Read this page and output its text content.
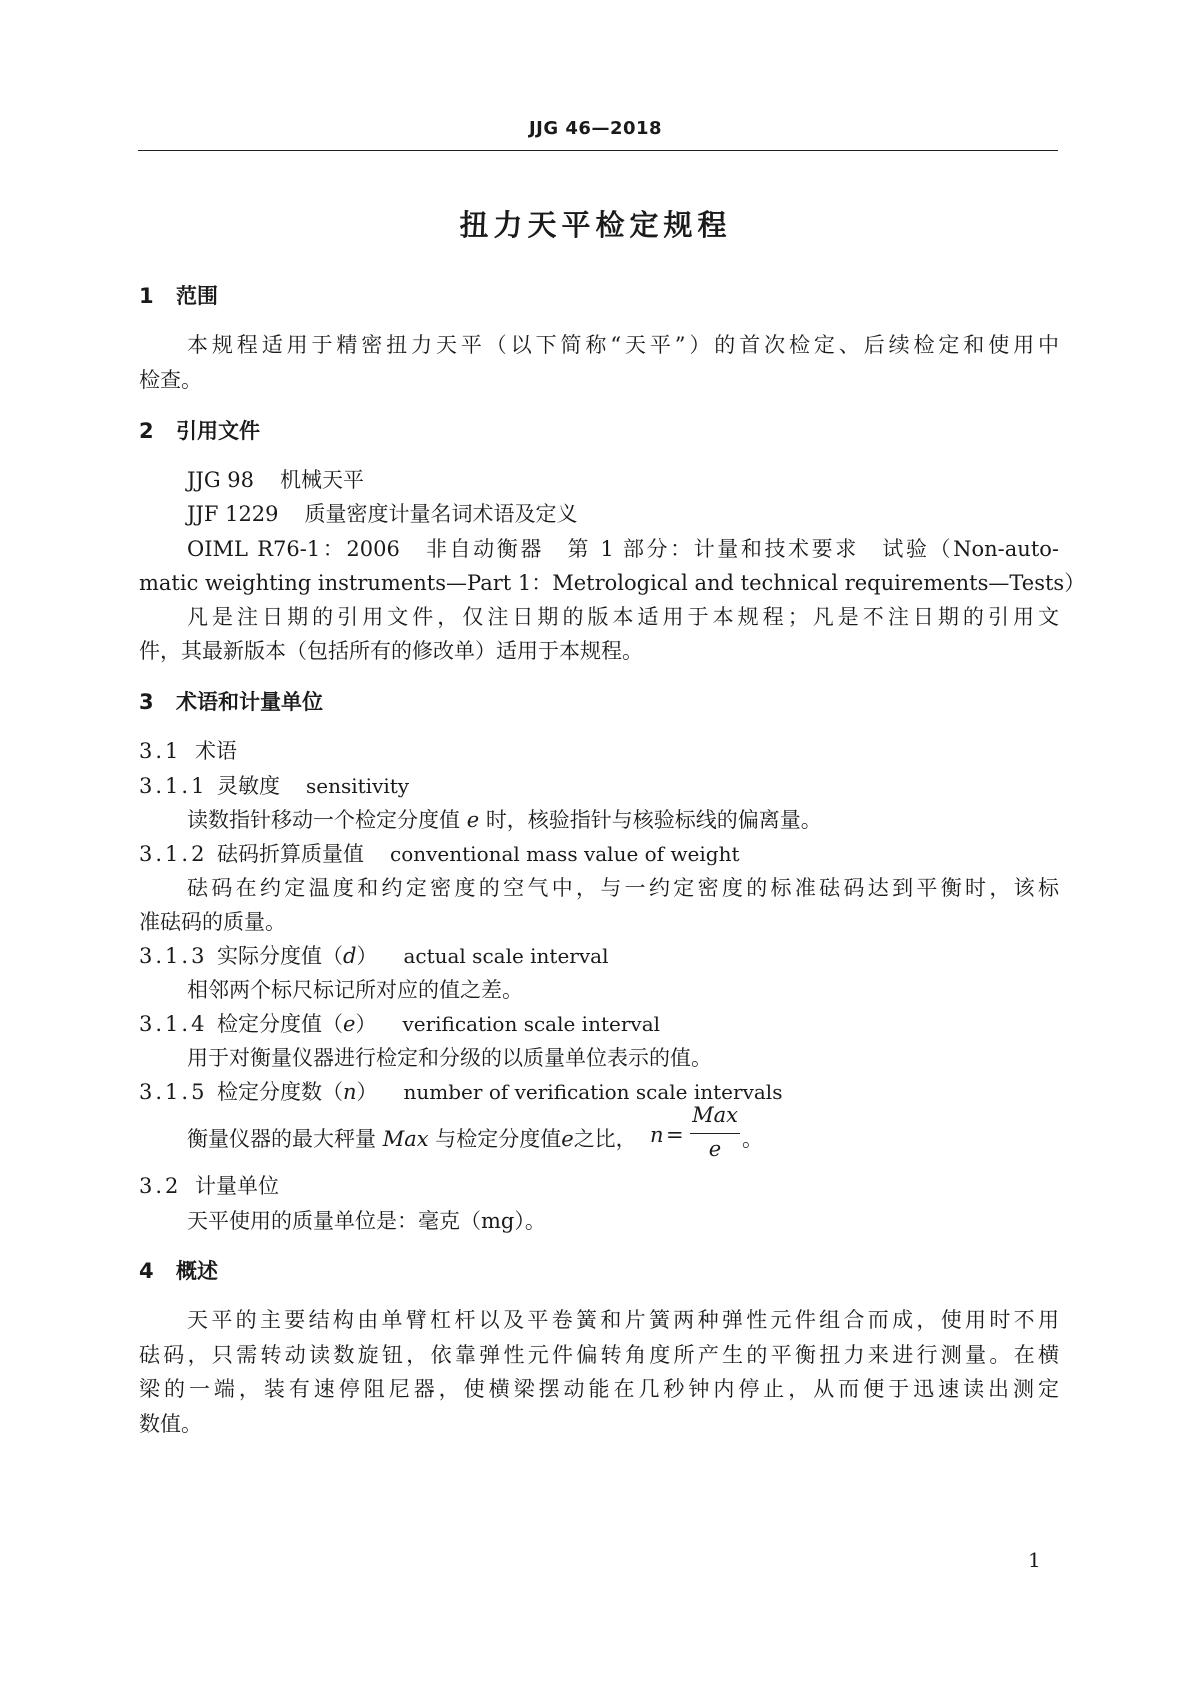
JJG 46—2018
扭力天平检定规程
1 范围
本规程适用于精密扭力天平（以下简称“天平”）的首次检定、后续检定和使用中
检查。
2 引用文件
JJG 98 机械天平
JJF 1229 质量密度计量名词术语及定义
OIML R76-1：2006　非自动衡器　第 1 部分：计量和技术要求　试验（Non-auto-
matic weighting instruments—Part 1：Metrological and technical requirements—Tests）
凡是注日期的引用文件，仅注日期的版本适用于本规程；凡是不注日期的引用文
件，其最新版本（包括所有的修改单）适用于本规程。
3 术语和计量单位
3.1 术语
3.1.1 灵敏度 sensitivity
读数指针移动一个检定分度值 e 时，核验指针与核验标线的偏离量。
3.1.2 砝码折算质量值 conventional mass value of weight
砝码在约定温度和约定密度的空气中，与一约定密度的标准砝码达到平衡时，该标
准砝码的质量。
3.1.3 实际分度值（d） actual scale interval
相邻两个标尺标记所对应的值之差。
3.1.4 检定分度值（e） verification scale interval
用于对衡量仪器进行检定和分级的以质量单位表示的值。
3.1.5 检定分度数（n） number of verification scale intervals
衡量仪器的最大秤量 Max 与检定分度值e之比， n =
Max
e 。
3.2 计量单位
天平使用的质量单位是：毫克（mg）。
4 概述
天平的主要结构由单臂杠杆以及平卷簧和片簧两种弹性元件组合而成，使用时不用
砝码，只需转动读数旋钮，依靠弹性元件偏转角度所产生的平衡扭力来进行测量。在横
梁的一端，装有速停阻尼器，使横梁摆动能在几秒钟内停止，从而便于迅速读出测定
数值。
1
